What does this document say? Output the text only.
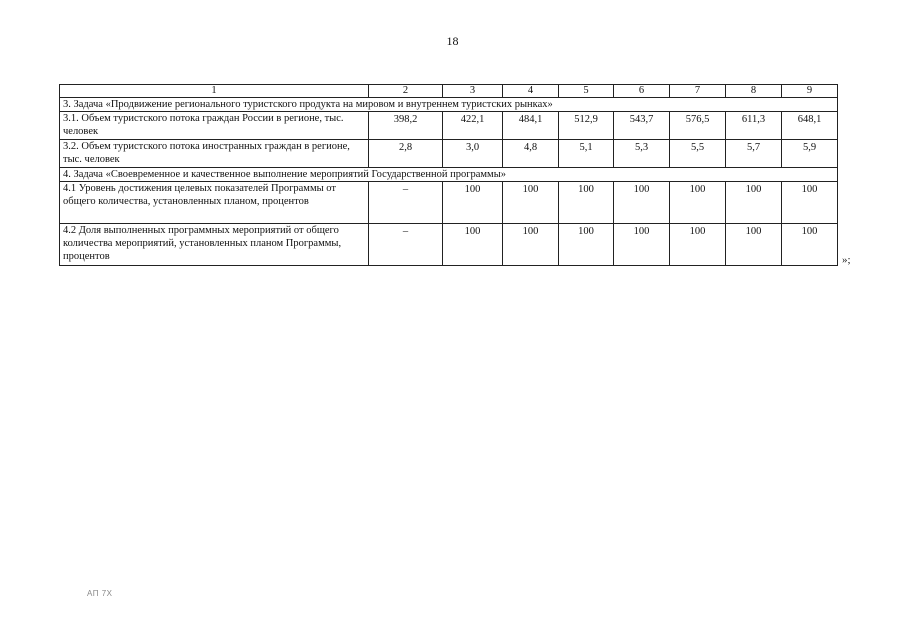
18
1	2	3	4	5	6	7	8	9
3. Задача «Продвижение регионального туристского продукта на мировом и внутреннем туристских рынках»								
3.1. Объем туристского потока граждан России в регионе, тыс. человек	398,2	422,1	484,1	512,9	543,7	576,5	611,3	648,1
3.2. Объем туристского потока иностранных граждан в регионе, тыс. человек	2,8	3,0	4,8	5,1	5,3	5,5	5,7	5,9
4. Задача «Своевременное и качественное выполнение мероприятий Государственной программы»								
4.1 Уровень достижения целевых показателей Программы от общего количества, установленных планом, процентов	–	100	100	100	100	100	100	100
4.2 Доля выполненных программных мероприятий от общего количества мероприятий, установленных планом Программы, процентов	–	100	100	100	100	100	100	100
»;
АП 7Х
